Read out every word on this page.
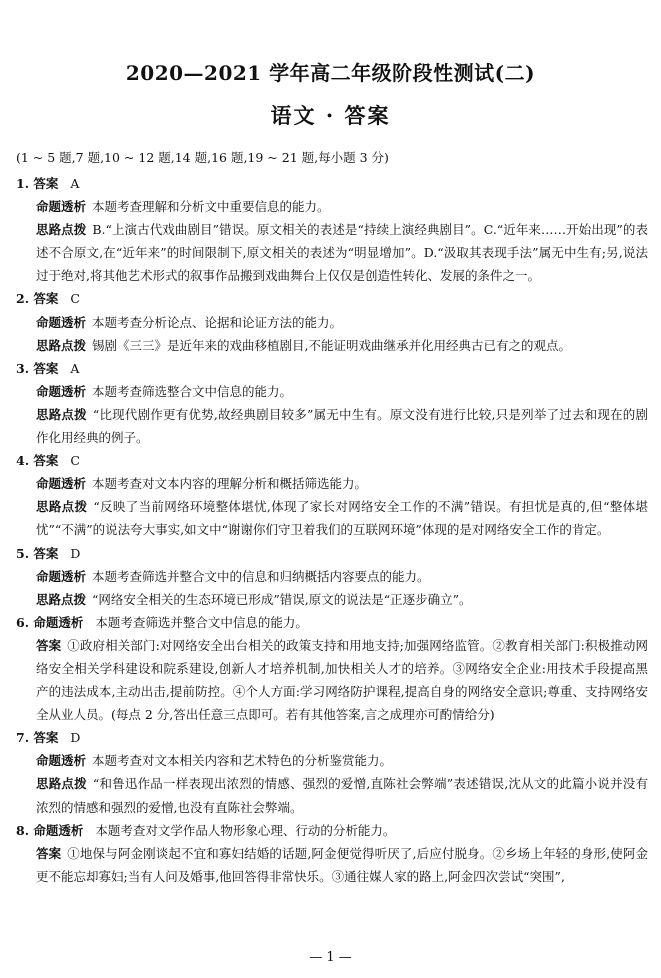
2020—2021 学年高二年级阶段性测试(二)
语文 · 答案
(1 ~ 5 题,7 题,10 ~ 12 题,14 题,16 题,19 ~ 21 题,每小题 3 分)
1. 答案 A
命题透析 本题考查理解和分析文中重要信息的能力。
思路点拨 B.“上演古代戏曲剧目”错误。原文相关的表述是“持续上演经典剧目”。C.“近年来……开始出现”的表述不合原文,在“近年来”的时间限制下,原文相关的表述为“明显增加”。D.“汲取其表现手法”属无中生有;另,说法过于绝对,将其他艺术形式的叙事作品搬到戏曲舞台上仅仅是创造性转化、发展的条件之一。
2. 答案 C
命题透析 本题考查分析论点、论据和论证方法的能力。
思路点拨 锡剧《三三》是近年来的戏曲移植剧目,不能证明戏曲继承并化用经典古已有之的观点。
3. 答案 A
命题透析 本题考查筛选整合文中信息的能力。
思路点拨 “比现代剧作更有优势,故经典剧目较多”属无中生有。原文没有进行比较,只是列举了过去和现在的剧作化用经典的例子。
4. 答案 C
命题透析 本题考查对文本内容的理解分析和概括筛选能力。
思路点拨 “反映了当前网络环境整体堪忧,体现了家长对网络安全工作的不满”错误。有担忧是真的,但“整体堪忧”“不满”的说法夸大事实,如文中“谢谢你们守卫着我们的互联网环境”体现的是对网络安全工作的肯定。
5. 答案 D
命题透析 本题考查筛选并整合文中的信息和归纳概括内容要点的能力。
思路点拨 “网络安全相关的生态环境已形成”错误,原文的说法是“正逐步确立”。
6. 命题透析 本题考查筛选并整合文中信息的能力。
答案 ①政府相关部门:对网络安全出台相关的政策支持和用地支持;加强网络监管。②教育相关部门:积极推动网络安全相关学科建设和院系建设,创新人才培养机制,加快相关人才的培养。③网络安全企业:用技术手段提高黑产的违法成本,主动出击,提前防控。④个人方面:学习网络防护课程,提高自身的网络安全意识;尊重、支持网络安全从业人员。(每点 2 分,答出任意三点即可。若有其他答案,言之成理亦可酌情给分)
7. 答案 D
命题透析 本题考查对文本相关内容和艺术特色的分析鉴赏能力。
思路点拨 “和鲁迅作品一样表现出浓烈的情感、强烈的爱憎,直陈社会弊端”表述错误,沈从文的此篇小说并没有浓烈的情感和强烈的爱憎,也没有直陈社会弊端。
8. 命题透析 本题考查对文学作品人物形象心理、行动的分析能力。
答案 ①地保与阿金刚谈起不宜和寡妇结婚的话题,阿金便觉得听厌了,后应付脱身。②乡场上年轻的身形,使阿金更不能忘却寡妇;当有人问及婚事,他回答得非常快乐。③通往媒人家的路上,阿金四次尝试“突围”,
— 1 —
